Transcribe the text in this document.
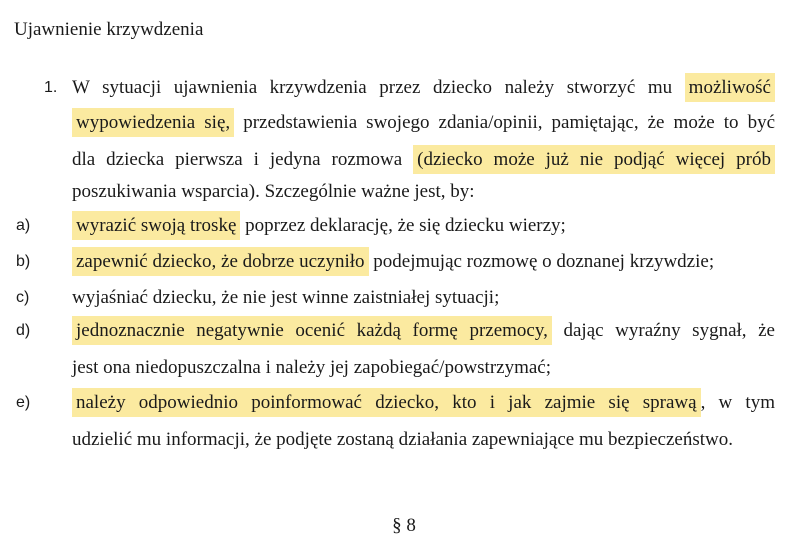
Ujawnienie krzywdzenia
1. W sytuacji ujawnienia krzywdzenia przez dziecko należy stworzyć mu możliwość
wypowiedzenia się, przedstawienia swojego zdania/opinii, pamiętając, że może to być
dla dziecka pierwsza i jedyna rozmowa (dziecko może już nie podjąć więcej prób
poszukiwania wsparcia). Szczególnie ważne jest, by:
a) wyrazić swoją troskę poprzez deklarację, że się dziecku wierzy;
b) zapewnić dziecko, że dobrze uczyniło podejmując rozmowę o doznanej krzywdzie;
c) wyjaśniać dziecku, że nie jest winne zaistniałej sytuacji;
d) jednoznacznie negatywnie ocenić każdą formę przemocy, dając wyraźny sygnał, że
jest ona niedopuszczalna i należy jej zapobiegać/powstrzymać;
e) należy odpowiednio poinformować dziecko, kto i jak zajmie się sprawą , w tym
udzielić mu informacji, że podjęte zostaną działania zapewniające mu bezpieczeństwo.
§ 8
